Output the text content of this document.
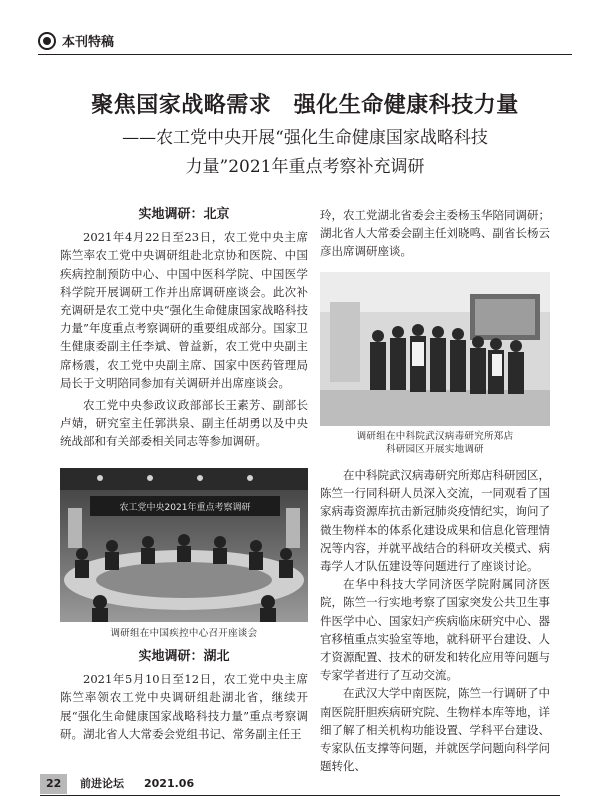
本刊特稿
聚焦国家战略需求　强化生命健康科技力量
——农工党中央开展“强化生命健康国家战略科技
力量”2021年重点考察补充调研

实地调研：北京

2021年4月22日至23日，农工党中央主席陈竺率农工党中央调研组赴北京协和医院、中国疾病控制预防中心、中国中医科学院、中国医学科学院开展调研工作并出席调研座谈会。此次补充调研是农工党中央“强化生命健康国家战略科技力量”年度重点考察调研的重要组成部分。国家卫生健康委副主任李斌、曾益新，农工党中央副主席杨震，农工党中央副主席、国家中医药管理局局长于文明陪同参加有关调研并出席座谈会。

农工党中央参政议政部部长王素芳、副部长卢婧，研究室主任郭洪泉、副主任胡勇以及中央统战部和有关部委相关同志等参加调研。

农工党中央2021年重点考察调研
调研组在中国疾控中心召开座谈会

实地调研：湖北

2021年5月10日至12日，农工党中央主席陈竺率领农工党中央调研组赴湖北省，继续开展“强化生命健康国家战略科技力量”重点考察调研。湖北省人大常委会党组书记、常务副主任王

玲，农工党湖北省委会主委杨玉华陪同调研；湖北省人大常委会副主任刘晓鸣、副省长杨云彦出席调研座谈。

调研组在中科院武汉病毒研究所郑店
科研园区开展实地调研

在中科院武汉病毒研究所郑店科研园区，陈竺一行同科研人员深入交流，一同观看了国家病毒资源库抗击新冠肺炎疫情纪实，询问了微生物样本的体系化建设成果和信息化管理情况等内容，并就平战结合的科研攻关模式、病毒学人才队伍建设等问题进行了座谈讨论。

在华中科技大学同济医学院附属同济医院，陈竺一行实地考察了国家突发公共卫生事件医学中心、国家妇产疾病临床研究中心、器官移植重点实验室等地，就科研平台建设、人才资源配置、技术的研发和转化应用等问题与专家学者进行了互动交流。

在武汉大学中南医院，陈竺一行调研了中南医院肝胆疾病研究院、生物样本库等地，详细了解了相关机构功能设置、学科平台建设、专家队伍支撑等问题，并就医学问题向科学问题转化、

22	前进论坛 2021.06
